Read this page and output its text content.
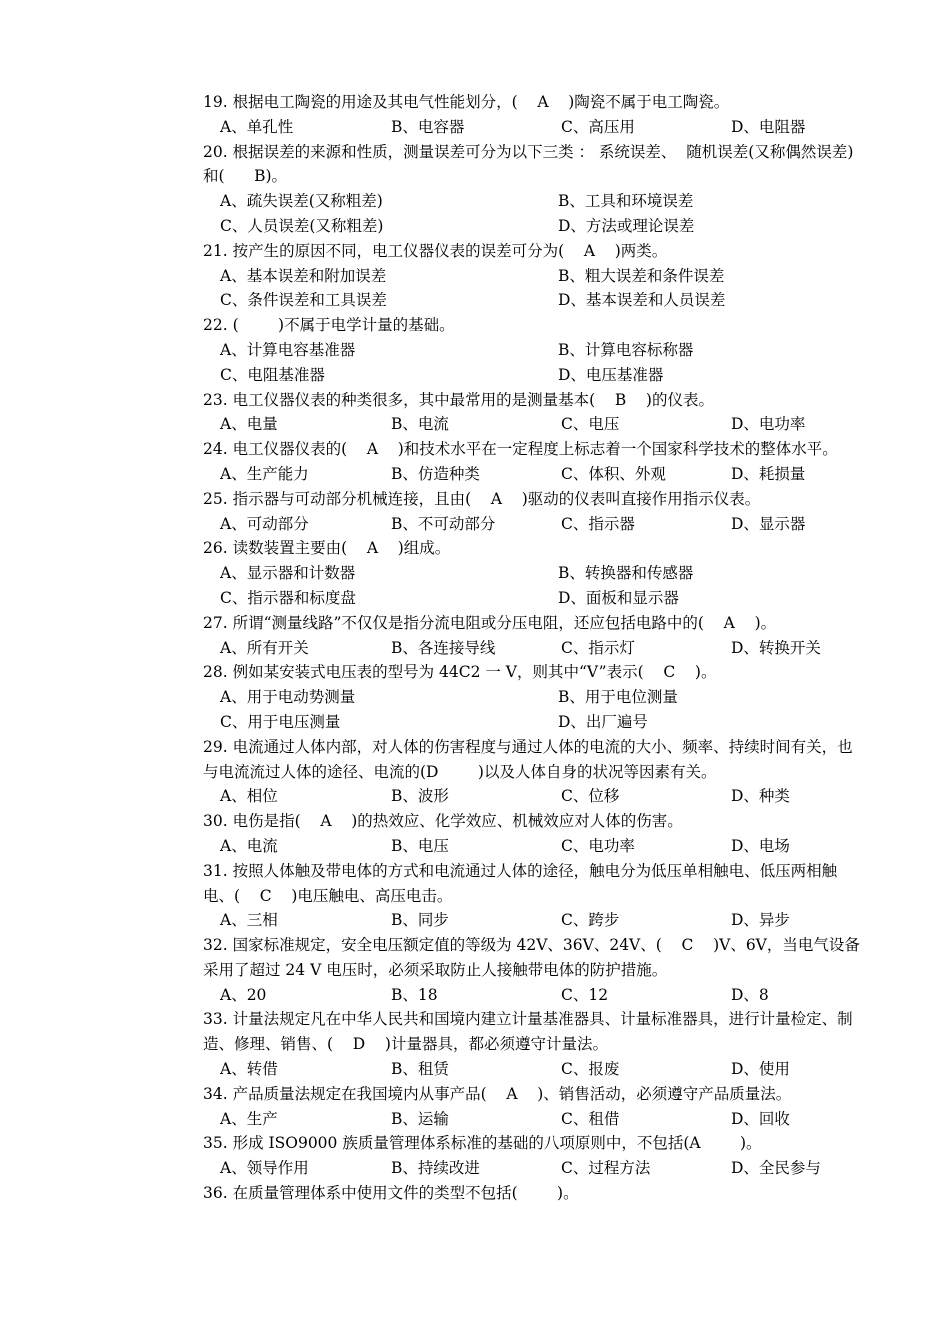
19. 根据电工陶瓷的用途及其电气性能划分，(    A    )陶瓷不属于电工陶瓷。

A、单孔性	B、电容器	C、高压用	D、电阻器

20. 根据误差的来源和性质，测量误差可分为以下三类 ： 系统误差、  随机误差(又称偶然误差)和(      B)。

A、疏失误差(又称粗差)	B、工具和环境误差
C、人员误差(又称粗差)	D、方法或理论误差

21. 按产生的原因不同，电工仪器仪表的误差可分为(    A    )两类。

A、基本误差和附加误差	B、粗大误差和条件误差
C、条件误差和工具误差	D、基本误差和人员误差

22. (        )不属于电学计量的基础。

A、计算电容基准器	B、计算电容标称器
C、电阻基准器	D、电压基准器

23. 电工仪器仪表的种类很多，其中最常用的是测量基本(    B    )的仪表。

A、电量	B、电流	C、电压	D、电功率

24. 电工仪器仪表的(    A    )和技术水平在一定程度上标志着一个国家科学技术的整体水平。

A、生产能力	B、仿造种类	C、体积、外观	D、耗损量

25. 指示器与可动部分机械连接，且由(    A    )驱动的仪表叫直接作用指示仪表。

A、可动部分	B、不可动部分	C、指示器	D、显示器

26. 读数装置主要由(    A    )组成。

A、显示器和计数器	B、转换器和传感器
C、指示器和标度盘	D、面板和显示器

27. 所谓“测量线路”不仅仅是指分流电阻或分压电阻，还应包括电路中的(    A    )。

A、所有开关	B、各连接导线	C、指示灯	D、转换开关

28. 例如某安装式电压表的型号为 44C2 一 V，则其中“V”表示(    C    )。

A、用于电动势测量	B、用于电位测量
C、用于电压测量	D、出厂遍号

29. 电流通过人体内部，对人体的伤害程度与通过人体的电流的大小、频率、持续时间有关，也与电流流过人体的途径、电流的(D        )以及人体自身的状况等因素有关。

A、相位	B、波形	C、位移	D、种类

30. 电伤是指(    A    )的热效应、化学效应、机械效应对人体的伤害。

A、电流	B、电压	C、电功率	D、电场

31. 按照人体触及带电体的方式和电流通过人体的途径，触电分为低压单相触电、低压两相触电、(    C    )电压触电、高压电击。

A、三相	B、同步	C、跨步	D、异步

32. 国家标准规定，安全电压额定值的等级为 42V、36V、24V、(    C    )V、6V，当电气设备采用了超过 24 V 电压时，必须采取防止人接触带电体的防护措施。

A、20	B、18	C、12	D、8

33. 计量法规定凡在中华人民共和国境内建立计量基准器具、计量标准器具，进行计量检定、制造、修理、销售、(    D    )计量器具，都必须遵守计量法。

A、转借	B、租赁	C、报废	D、使用

34. 产品质量法规定在我国境内从事产品(    A    )、销售活动，必须遵守产品质量法。

A、生产	B、运输	C、租借	D、回收

35. 形成 ISO9000 族质量管理体系标准的基础的八项原则中，不包括(A        )。

A、领导作用	B、持续改进	C、过程方法	D、全民参与

36. 在质量管理体系中使用文件的类型不包括(        )。
